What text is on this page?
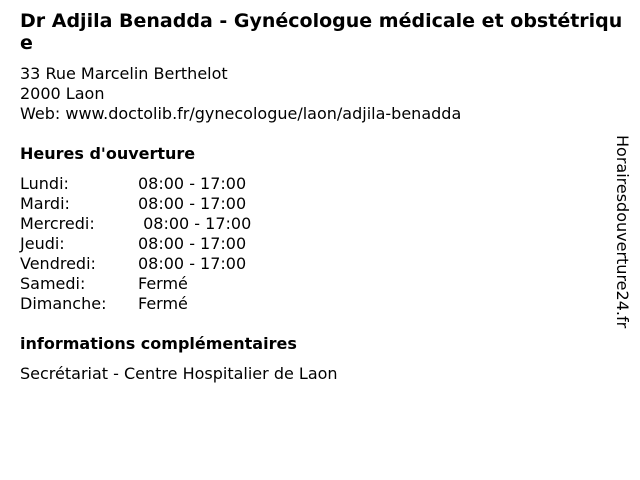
Dr Adjila Benadda - Gynécologue médicale et obstétrique
33 Rue Marcelin Berthelot
2000 Laon
Web: www.doctolib.fr/gynecologue/laon/adjila-benadda
Heures d'ouverture
Lundi:	08:00 - 17:00
Mardi:	08:00 - 17:00
Mercredi:	08:00 - 17:00
Jeudi:	08:00 - 17:00
Vendredi:	08:00 - 17:00
Samedi:	Fermé
Dimanche:	Fermé
informations complémentaires
Secrétariat - Centre Hospitalier de Laon
Horairesdouverture24.fr
